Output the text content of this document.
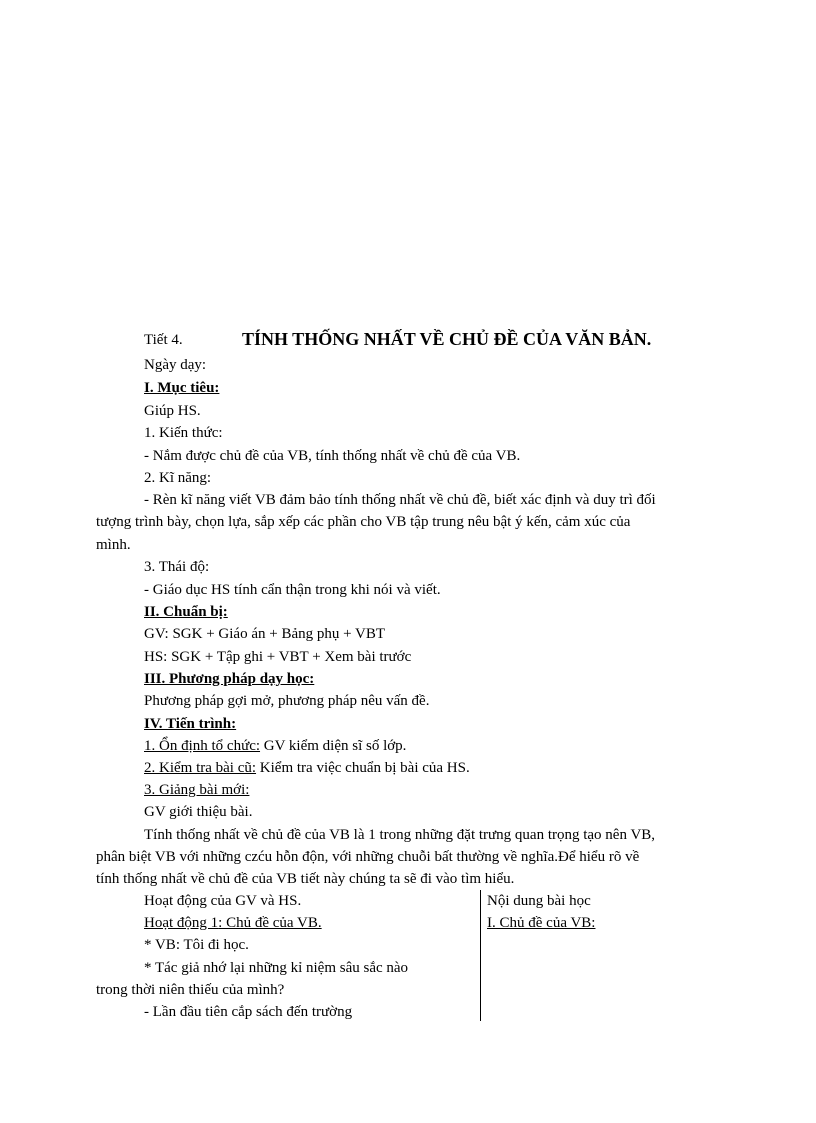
Tiết 4.	TÍNH THỐNG NHẤT VỀ CHỦ ĐỀ CỦA VĂN BẢN.
Ngày dạy:
I. Mục tiêu:
Giúp HS.
1. Kiến thức:
- Nắm được chủ đề của VB, tính thống nhất về chủ đề của VB.
2. Kĩ năng:
- Rèn kĩ năng viết VB đảm bảo tính thống nhất về chủ đề, biết xác định và duy trì đối
tượng trình bày, chọn lựa, sắp xếp các phần cho VB tập trung nêu bật ý kến, cảm xúc của
mình.
3. Thái độ:
- Giáo dục HS tính cẩn thận trong khi nói và viết.
II. Chuẩn bị:
GV: SGK + Giáo án + Bảng phụ + VBT
HS: SGK + Tập ghi + VBT + Xem bài trước
III. Phương pháp dạy học:
Phương pháp gợi mở, phương pháp nêu vấn đề.
IV. Tiến trình:
1. Ổn định tổ chức: GV kiểm diện sĩ số lớp.
2. Kiểm tra bài cũ: Kiểm tra việc chuẩn bị bài của HS.
3. Giảng bài mới:
GV giới thiệu bài.
Tính thống nhất về chủ đề của VB là 1 trong những đặt trưng quan trọng tạo nên VB,
phân biệt VB với những czću hỗn độn, với những chuỗi bất thường về nghĩa.Để hiểu rõ về
tính thống nhất về chủ đề của VB tiết này chúng ta sẽ đi vào tìm hiểu.
Hoạt động của GV và HS.	Nội dung bài học
Hoạt động 1: Chủ đề của VB.	I. Chủ đề của VB:
* VB: Tôi đi học.
* Tác giả nhớ lại những kỉ niệm sâu sắc nào
trong thời niên thiếu của mình?
- Lần đầu tiên cắp sách đến trường
